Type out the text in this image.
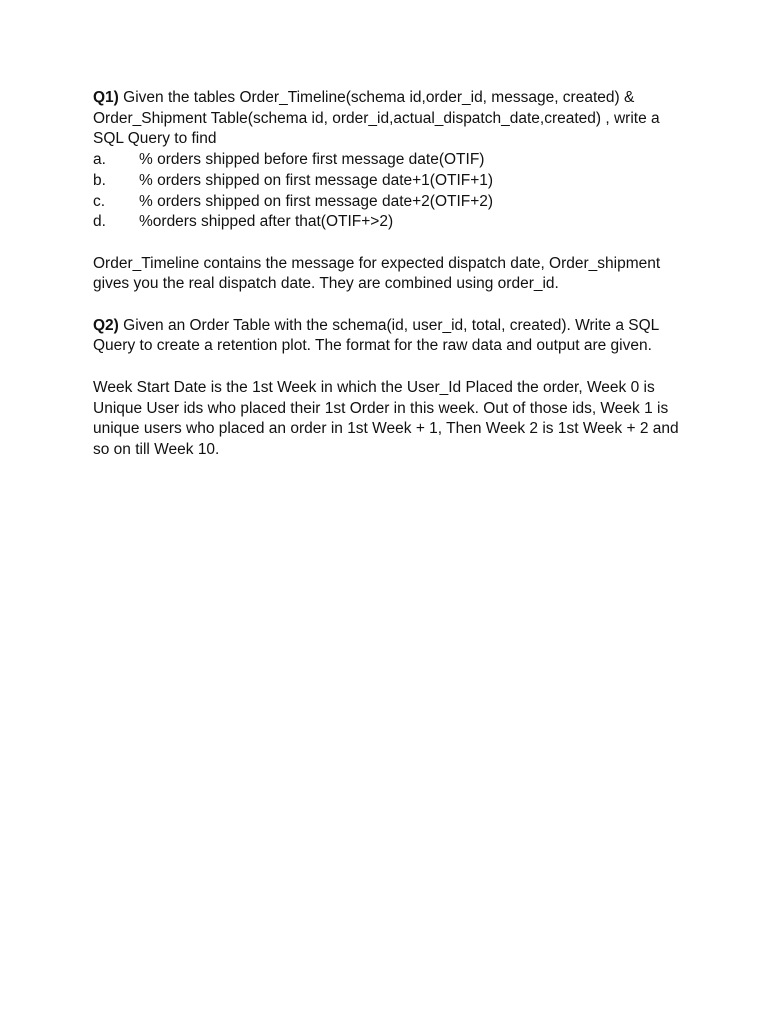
Q1) Given the tables Order_Timeline(schema id,order_id, message, created) & Order_Shipment Table(schema id, order_id,actual_dispatch_date,created) , write a SQL Query to find

a.	% orders shipped before first message date(OTIF)
b.	% orders shipped on first message date+1(OTIF+1)
c.	% orders shipped on first message date+2(OTIF+2)
d.	%orders shipped after that(OTIF+>2)

Order_Timeline contains the message for expected dispatch date, Order_shipment gives you the real dispatch date. They are combined using order_id.

Q2) Given an Order Table with the schema(id, user_id, total, created). Write a SQL Query to create a retention plot. The format for the raw data and output are given.

Week Start Date is the 1st Week in which the User_Id Placed the order, Week 0 is Unique User ids who placed their 1st Order in this week. Out of those ids, Week 1 is unique users who placed an order in 1st Week + 1, Then Week 2 is 1st Week + 2 and so on till Week 10.
